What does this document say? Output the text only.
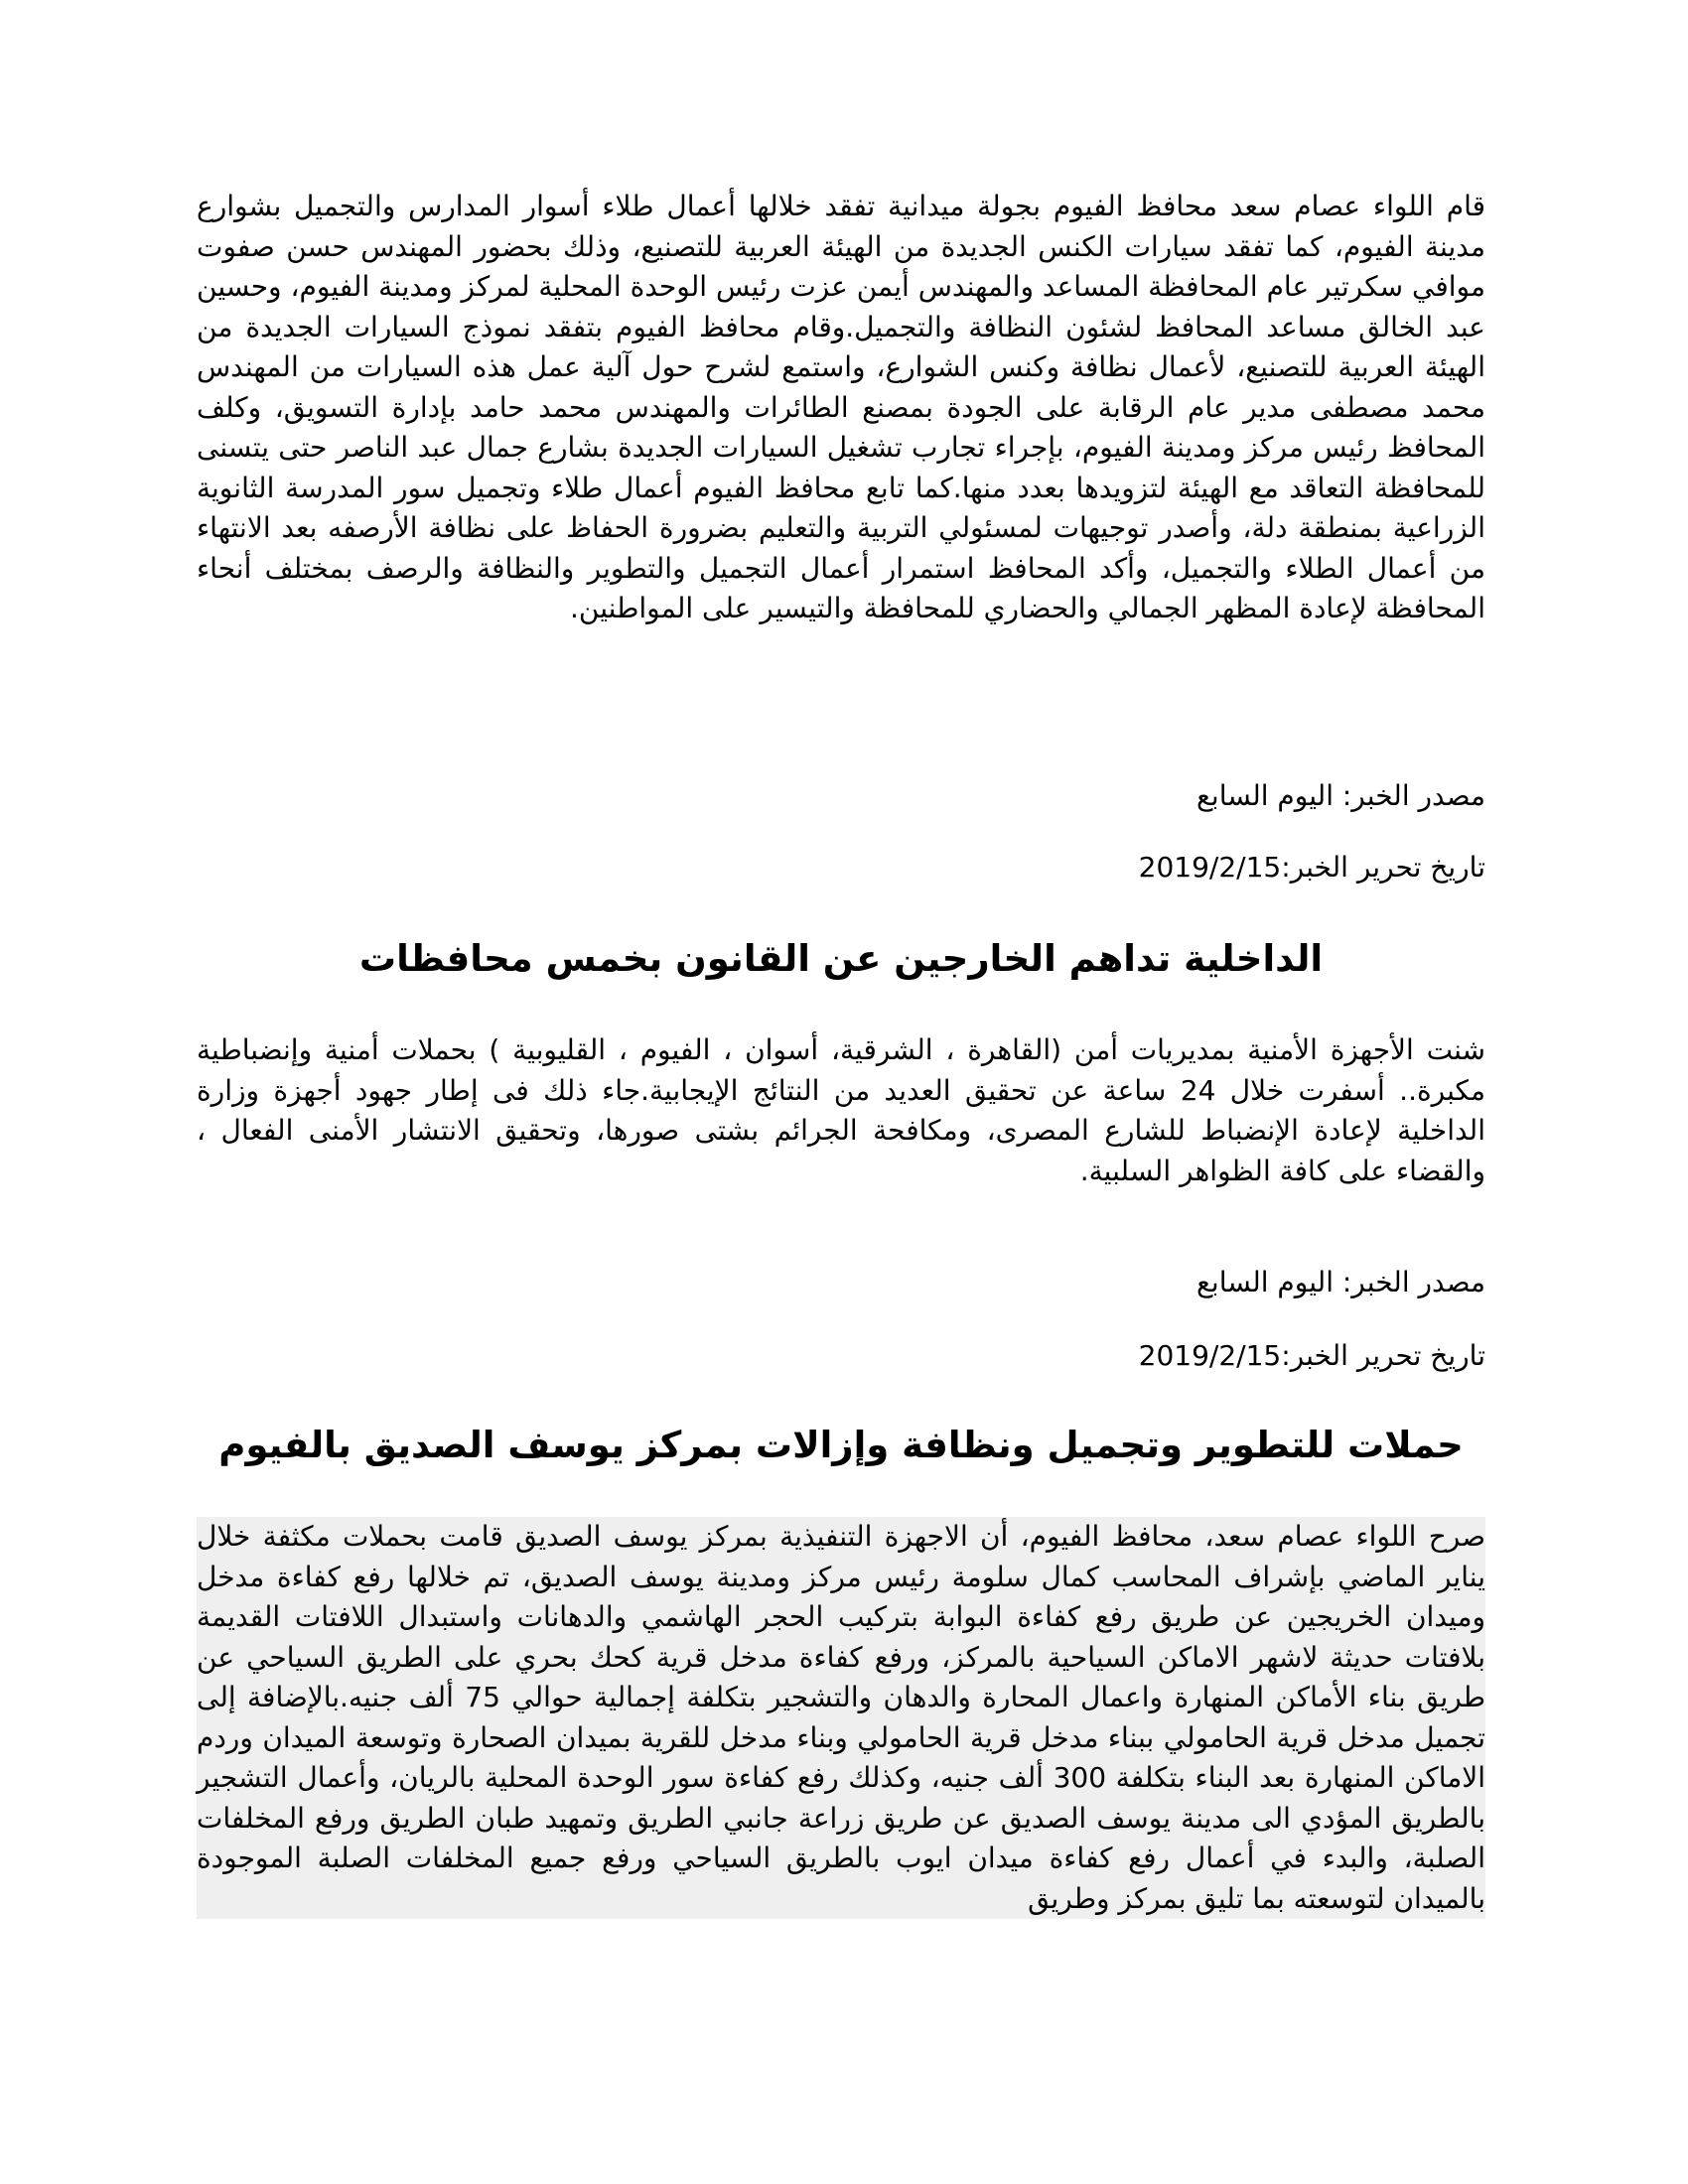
قام اللواء عصام سعد محافظ الفيوم بجولة ميدانية تفقد خلالها أعمال طلاء أسوار المدارس والتجميل بشوارع مدينة الفيوم، كما تفقد سيارات الكنس الجديدة من الهيئة العربية للتصنيع، وذلك بحضور المهندس حسن صفوت موافي سكرتير عام المحافظة المساعد والمهندس أيمن عزت رئيس الوحدة المحلية لمركز ومدينة الفيوم، وحسين عبد الخالق مساعد المحافظ لشئون النظافة والتجميل.وقام محافظ الفيوم بتفقد نموذج السيارات الجديدة من الهيئة العربية للتصنيع، لأعمال نظافة وكنس الشوارع، واستمع لشرح حول آلية عمل هذه السيارات من المهندس محمد مصطفى مدير عام الرقابة على الجودة بمصنع الطائرات والمهندس محمد حامد بإدارة التسويق، وكلف المحافظ رئيس مركز ومدينة الفيوم، بإجراء تجارب تشغيل السيارات الجديدة بشارع جمال عبد الناصر حتى يتسنى للمحافظة التعاقد مع الهيئة لتزويدها بعدد منها.كما تابع محافظ الفيوم أعمال طلاء وتجميل سور المدرسة الثانوية الزراعية بمنطقة دلة، وأصدر توجيهات لمسئولي التربية والتعليم بضرورة الحفاظ على نظافة الأرصفه بعد الانتهاء من أعمال الطلاء والتجميل، وأكد المحافظ استمرار أعمال التجميل والتطوير والنظافة والرصف بمختلف أنحاء المحافظة لإعادة المظهر الجمالي والحضاري للمحافظة والتيسير على المواطنين.

مصدر الخبر: اليوم السابع

تاريخ تحرير الخبر:2019/2/15

الداخلية تداهم الخارجين عن القانون بخمس محافظات

شنت الأجهزة الأمنية بمديريات أمن (القاهرة ، الشرقية، أسوان ، الفيوم ، القليوبية ) بحملات أمنية وإنضباطية مكبرة.. أسفرت خلال 24 ساعة عن تحقيق العديد من النتائج الإيجابية.جاء ذلك فى إطار جهود أجهزة وزارة الداخلية لإعادة الإنضباط للشارع المصرى، ومكافحة الجرائم بشتى صورها، وتحقيق الانتشار الأمنى الفعال ، والقضاء على كافة الظواهر السلبية.

مصدر الخبر: اليوم السابع

تاريخ تحرير الخبر:2019/2/15

حملات للتطوير وتجميل ونظافة وإزالات بمركز يوسف الصديق بالفيوم

صرح اللواء عصام سعد، محافظ الفيوم، أن الاجهزة التنفيذية بمركز يوسف الصديق قامت بحملات مكثفة خلال يناير الماضي بإشراف المحاسب كمال سلومة رئيس مركز ومدينة يوسف الصديق، تم خلالها رفع كفاءة مدخل وميدان الخريجين عن طريق رفع كفاءة البوابة بتركيب الحجر الهاشمي والدهانات واستبدال اللافتات القديمة بلافتات حديثة لاشهر الاماكن السياحية بالمركز، ورفع كفاءة مدخل قرية كحك بحري على الطريق السياحي عن طريق بناء الأماكن المنهارة واعمال المحارة والدهان والتشجير بتكلفة إجمالية حوالي 75 ألف جنيه.بالإضافة إلى تجميل مدخل قرية الحامولي ببناء مدخل قرية الحامولي وبناء مدخل للقرية بميدان الصحارة وتوسعة الميدان وردم الاماكن المنهارة بعد البناء بتكلفة 300 ألف جنيه، وكذلك رفع كفاءة سور الوحدة المحلية بالريان، وأعمال التشجير بالطريق المؤدي الى مدينة يوسف الصديق عن طريق زراعة جانبي الطريق وتمهيد طبان الطريق ورفع المخلفات الصلبة، والبدء في أعمال رفع كفاءة ميدان ايوب بالطريق السياحي ورفع جميع المخلفات الصلبة الموجودة بالميدان لتوسعته بما تليق بمركز وطريق
